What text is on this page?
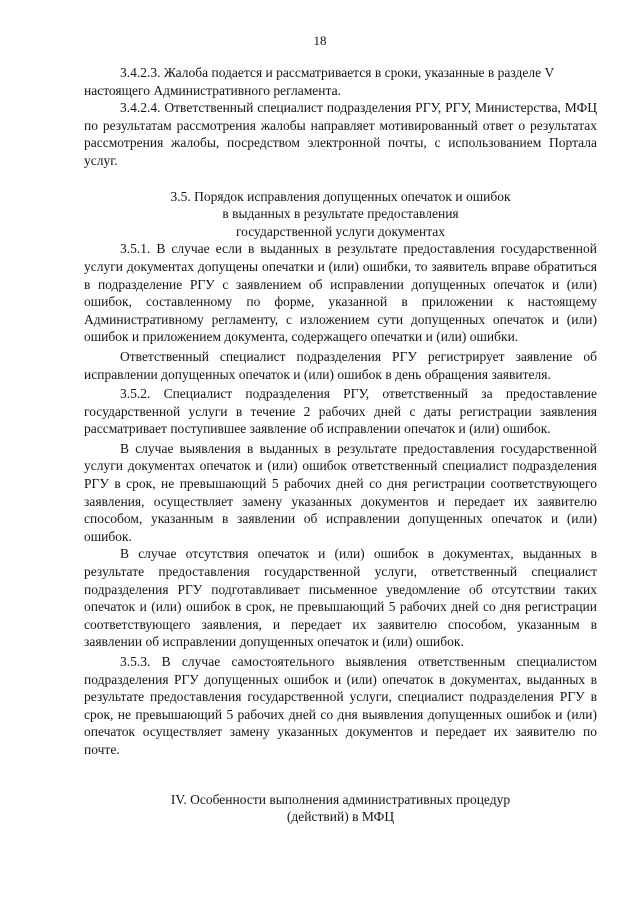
18

3.4.2.3. Жалоба подается и рассматривается в сроки, указанные в разделе V настоящего Административного регламента.

3.4.2.4. Ответственный специалист подразделения РГУ, РГУ, Министерства, МФЦ по результатам рассмотрения жалобы направляет мотивированный ответ о результатах рассмотрения жалобы, посредством электронной почты, с использованием Портала услуг.

3.5. Порядок исправления допущенных опечаток и ошибок

в выданных в результате предоставления

государственной услуги документах

3.5.1. В случае если в выданных в результате предоставления государственной услуги документах допущены опечатки и (или) ошибки, то заявитель вправе обратиться в подразделение РГУ с заявлением об исправлении допущенных опечаток и (или) ошибок, составленному по форме, указанной в приложении к настоящему Административному регламенту, с изложением сути допущенных опечаток и (или) ошибок и приложением документа, содержащего опечатки и (или) ошибки.

Ответственный специалист подразделения РГУ регистрирует заявление об исправлении допущенных опечаток и (или) ошибок в день обращения заявителя.

3.5.2. Специалист подразделения РГУ, ответственный за предоставление государственной услуги в течение 2 рабочих дней с даты регистрации заявления рассматривает поступившее заявление об исправлении опечаток и (или) ошибок.

В случае выявления в выданных в результате предоставления государственной услуги документах опечаток и (или) ошибок ответственный специалист подразделения РГУ в срок, не превышающий 5 рабочих дней со дня регистрации соответствующего заявления, осуществляет замену указанных документов и передает их заявителю способом, указанным в заявлении об исправлении допущенных опечаток и (или) ошибок.

В случае отсутствия опечаток и (или) ошибок в документах, выданных в результате предоставления государственной услуги, ответственный специалист подразделения РГУ подготавливает письменное уведомление об отсутствии таких опечаток и (или) ошибок в срок, не превышающий 5 рабочих дней со дня регистрации соответствующего заявления, и передает их заявителю способом, указанным в заявлении об исправлении допущенных опечаток и (или) ошибок.

3.5.3. В случае самостоятельного выявления ответственным специалистом подразделения РГУ допущенных ошибок и (или) опечаток в документах, выданных в результате предоставления государственной услуги, специалист подразделения РГУ в срок, не превышающий 5 рабочих дней со дня выявления допущенных ошибок и (или) опечаток осуществляет замену указанных документов и передает их заявителю по почте.

IV. Особенности выполнения административных процедур

(действий) в МФЦ
